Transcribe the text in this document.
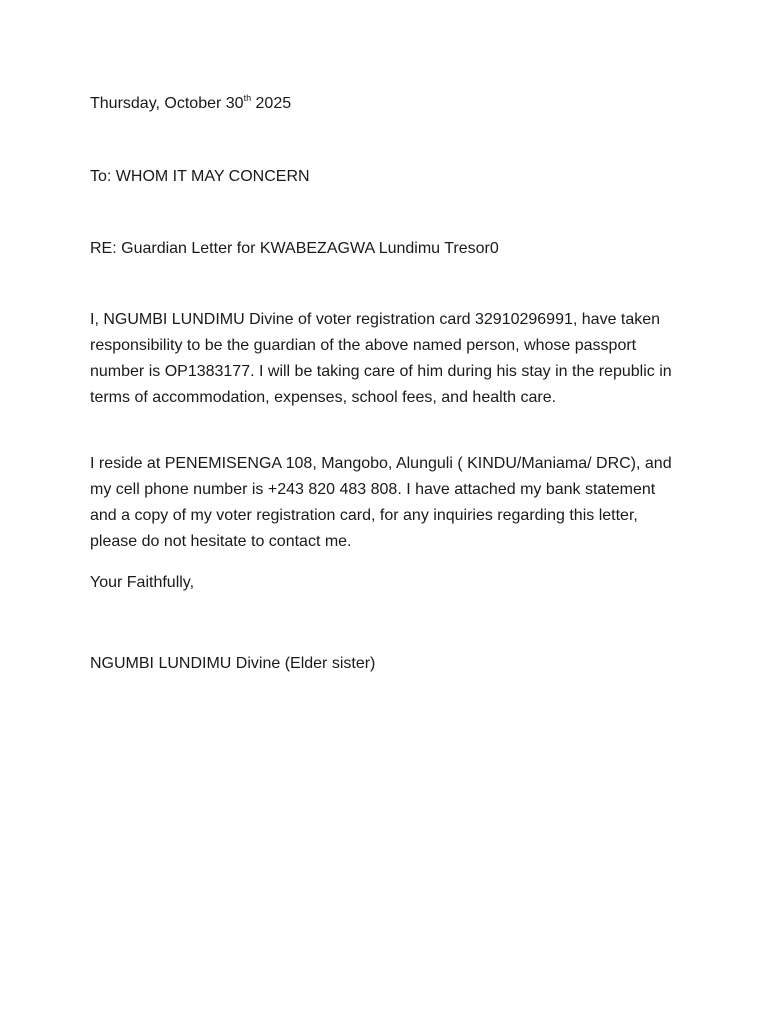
Thursday, October 30th 2025
To: WHOM IT MAY CONCERN
RE: Guardian Letter for KWABEZAGWA Lundimu Tresor0

I, NGUMBI LUNDIMU Divine of voter registration card 32910296991, have taken responsibility to be the guardian of the above named person, whose passport number is OP1383177. I will be taking care of him during his stay in the republic in terms of accommodation, expenses, school fees, and health care.

I reside at PENEMISENGA 108, Mangobo, Alunguli ( KINDU/Maniama/ DRC), and my cell phone number is +243 820 483 808. I have attached my bank statement and a copy of my voter registration card, for any inquiries regarding this letter, please do not hesitate to contact me.

Your Faithfully,
NGUMBI LUNDIMU Divine (Elder sister)
